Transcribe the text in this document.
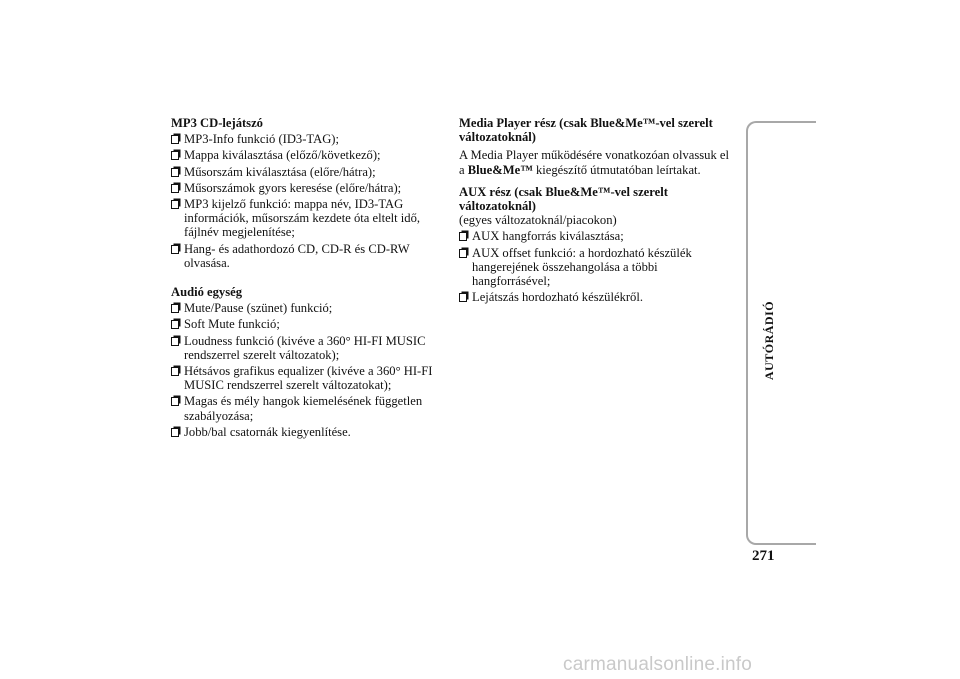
MP3 CD-lejátszó

MP3-Info funkció (ID3-TAG);
Mappa kiválasztása (előző/következő);
Műsorszám kiválasztása (előre/hátra);
Műsorszámok gyors keresése (előre/hátra);
MP3 kijelző funkció: mappa név, ID3-TAG információk, műsorszám kezdete óta eltelt idő, fájlnév megjelenítése;
Hang- és adathordozó CD, CD-R és CD-RW olvasása.

Audió egység

Mute/Pause (szünet) funkció;
Soft Mute funkció;
Loudness funkció (kivéve a 360° HI-FI MUSIC rendszerrel szerelt változatok);
Hétsávos grafikus equalizer (kivéve a 360° HI-FI MUSIC rendszerrel szerelt változatokat);
Magas és mély hangok kiemelésének független szabályozása;
Jobb/bal csatornák kiegyenlítése.

Media Player rész (csak Blue&Me™-vel szerelt változatoknál)

A Media Player működésére vonatkozóan olvassuk el a Blue&Me™ kiegészítő útmutatóban leírtakat.

AUX rész (csak Blue&Me™-vel szerelt változatoknál)

(egyes változatoknál/piacokon)

AUX hangforrás kiválasztása;
AUX offset funkció: a hordozható készülék hangerejének összehangolása a többi hangforrásével;
Lejátszás hordozható készülékről.
AUTÓRÁDIÓ
271
carmanualsonline.info
